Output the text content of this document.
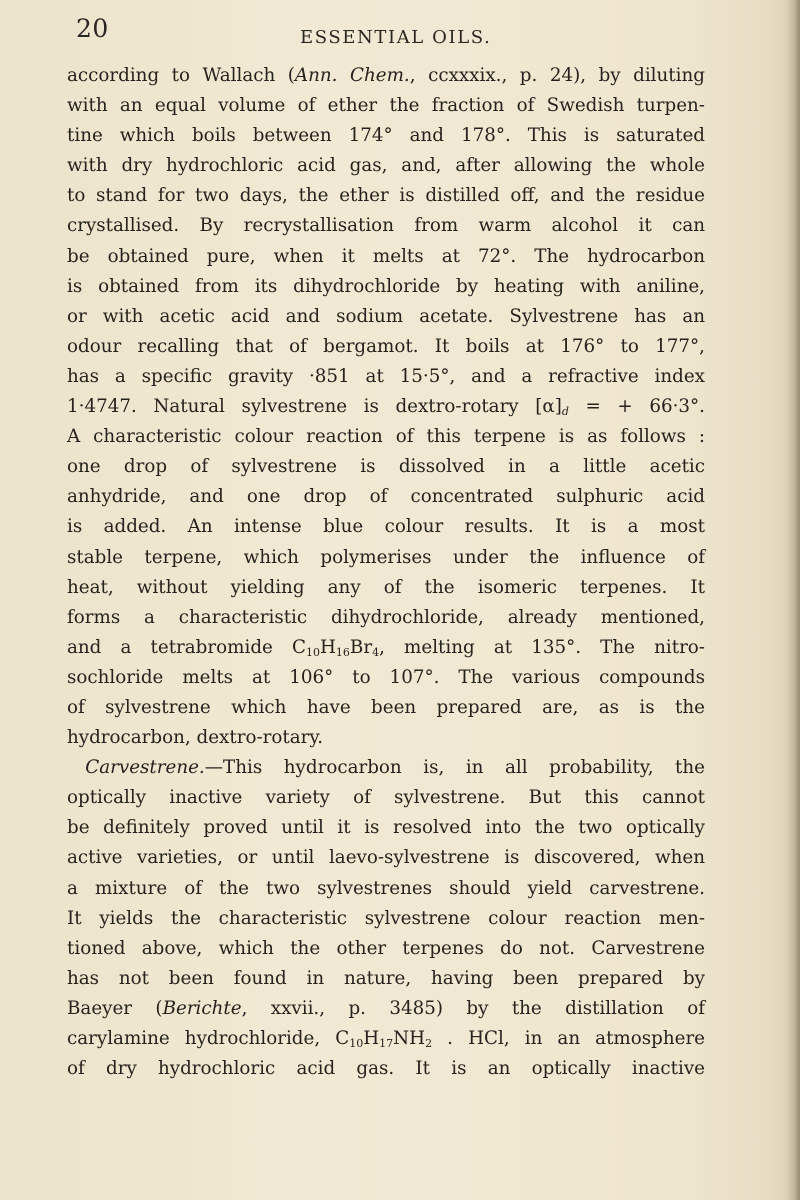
20	ESSENTIAL OILS.
according to Wallach (Ann. Chem., ccxxxix., p. 24), by diluting
with an equal volume of ether the fraction of Swedish turpen-
tine which boils between 174° and 178°. This is saturated
with dry hydrochloric acid gas, and, after allowing the whole
to stand for two days, the ether is distilled off, and the residue
crystallised. By recrystallisation from warm alcohol it can
be obtained pure, when it melts at 72°. The hydrocarbon
is obtained from its dihydrochloride by heating with aniline,
or with acetic acid and sodium acetate. Sylvestrene has an
odour recalling that of bergamot. It boils at 176° to 177°,
has a specific gravity ·851 at 15·5°, and a refractive index
1·4747. Natural sylvestrene is dextro-rotary $[\alpha]_d$ = + 66·3°.
A characteristic colour reaction of this terpene is as follows :
one drop of sylvestrene is dissolved in a little acetic
anhydride, and one drop of concentrated sulphuric acid
is added. An intense blue colour results. It is a most
stable terpene, which polymerises under the influence of
heat, without yielding any of the isomeric terpenes. It
forms a characteristic dihydrochloride, already mentioned,
and a tetrabromide $C_{10}H_{16}Br_4$, melting at 135°. The nitro-
sochloride melts at 106° to 107°. The various compounds
of sylvestrene which have been prepared are, as is the
hydrocarbon, dextro-rotary.
 Carvestrene.—This hydrocarbon is, in all probability, the
optically inactive variety of sylvestrene. But this cannot
be definitely proved until it is resolved into the two optically
active varieties, or until laevo-sylvestrene is discovered, when
a mixture of the two sylvestrenes should yield carvestrene.
It yields the characteristic sylvestrene colour reaction men-
tioned above, which the other terpenes do not. Carvestrene
has not been found in nature, having been prepared by
Baeyer (Berichte, xxvii., p. 3485) by the distillation of
carylamine hydrochloride, $C_{10}H_{17}NH_2$ . HCl, in an atmosphere
of dry hydrochloric acid gas. It is an optically inactive
